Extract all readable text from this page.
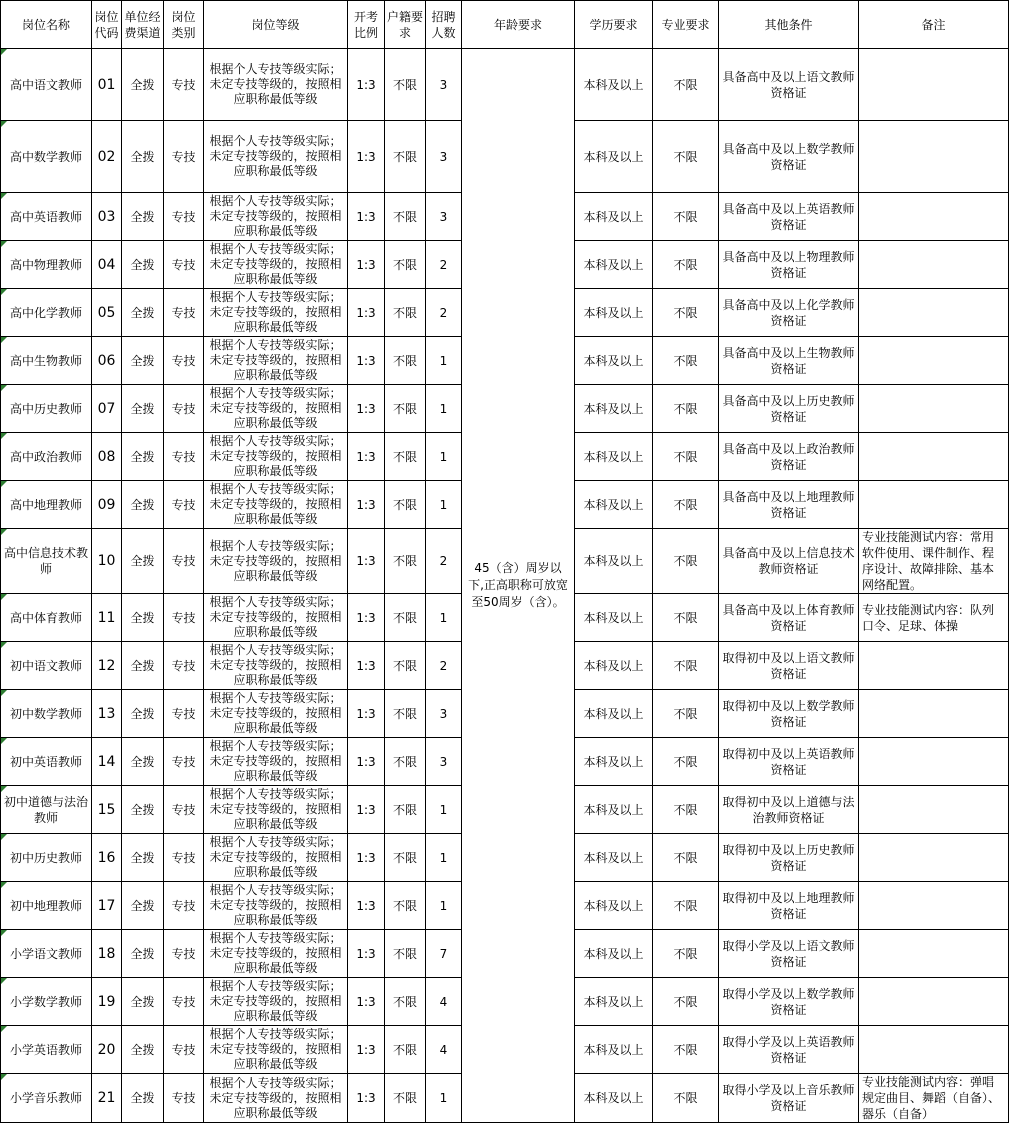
岗位名称	岗位代码	单位经费渠道	岗位类别	岗位等级	开考比例	户籍要求	招聘人数	年龄要求	学历要求	专业要求	其他条件	备注
高中语文教师	01	全拨	专技	根据个人专技等级实际；未定专技等级的，按照相应职称最低等级	1:3	不限	3	45（含）周岁以下,正高职称可放宽至50周岁（含）。	本科及以上	不限	具备高中及以上语文教师资格证	
高中数学教师	02	全拨	专技	根据个人专技等级实际；未定专技等级的，按照相应职称最低等级	1:3	不限	3		本科及以上	不限	具备高中及以上数学教师资格证	
高中英语教师	03	全拨	专技	根据个人专技等级实际；未定专技等级的，按照相应职称最低等级	1:3	不限	3		本科及以上	不限	具备高中及以上英语教师资格证	
高中物理教师	04	全拨	专技	根据个人专技等级实际；未定专技等级的，按照相应职称最低等级	1:3	不限	2		本科及以上	不限	具备高中及以上物理教师资格证	
高中化学教师	05	全拨	专技	根据个人专技等级实际；未定专技等级的，按照相应职称最低等级	1:3	不限	2		本科及以上	不限	具备高中及以上化学教师资格证	
高中生物教师	06	全拨	专技	根据个人专技等级实际；未定专技等级的，按照相应职称最低等级	1:3	不限	1		本科及以上	不限	具备高中及以上生物教师资格证	
高中历史教师	07	全拨	专技	根据个人专技等级实际；未定专技等级的，按照相应职称最低等级	1:3	不限	1		本科及以上	不限	具备高中及以上历史教师资格证	
高中政治教师	08	全拨	专技	根据个人专技等级实际；未定专技等级的，按照相应职称最低等级	1:3	不限	1		本科及以上	不限	具备高中及以上政治教师资格证	
高中地理教师	09	全拨	专技	根据个人专技等级实际；未定专技等级的，按照相应职称最低等级	1:3	不限	1		本科及以上	不限	具备高中及以上地理教师资格证	
高中信息技术教师	10	全拨	专技	根据个人专技等级实际；未定专技等级的，按照相应职称最低等级	1:3	不限	2		本科及以上	不限	具备高中及以上信息技术教师资格证	专业技能测试内容：常用软件使用、课件制作、程序设计、故障排除、基本网络配置。
高中体育教师	11	全拨	专技	根据个人专技等级实际；未定专技等级的，按照相应职称最低等级	1:3	不限	1		本科及以上	不限	具备高中及以上体育教师资格证	专业技能测试内容：队列口令、足球、体操
初中语文教师	12	全拨	专技	根据个人专技等级实际；未定专技等级的，按照相应职称最低等级	1:3	不限	2		本科及以上	不限	取得初中及以上语文教师资格证	
初中数学教师	13	全拨	专技	根据个人专技等级实际；未定专技等级的，按照相应职称最低等级	1:3	不限	3		本科及以上	不限	取得初中及以上数学教师资格证	
初中英语教师	14	全拨	专技	根据个人专技等级实际；未定专技等级的，按照相应职称最低等级	1:3	不限	3		本科及以上	不限	取得初中及以上英语教师资格证	
初中道德与法治教师	15	全拨	专技	根据个人专技等级实际；未定专技等级的，按照相应职称最低等级	1:3	不限	1		本科及以上	不限	取得初中及以上道德与法治教师资格证	
初中历史教师	16	全拨	专技	根据个人专技等级实际；未定专技等级的，按照相应职称最低等级	1:3	不限	1		本科及以上	不限	取得初中及以上历史教师资格证	
初中地理教师	17	全拨	专技	根据个人专技等级实际；未定专技等级的，按照相应职称最低等级	1:3	不限	1		本科及以上	不限	取得初中及以上地理教师资格证	
小学语文教师	18	全拨	专技	根据个人专技等级实际；未定专技等级的，按照相应职称最低等级	1:3	不限	7		本科及以上	不限	取得小学及以上语文教师资格证	
小学数学教师	19	全拨	专技	根据个人专技等级实际；未定专技等级的，按照相应职称最低等级	1:3	不限	4		本科及以上	不限	取得小学及以上数学教师资格证	
小学英语教师	20	全拨	专技	根据个人专技等级实际；未定专技等级的，按照相应职称最低等级	1:3	不限	4		本科及以上	不限	取得小学及以上英语教师资格证	
小学音乐教师	21	全拨	专技	根据个人专技等级实际；未定专技等级的，按照相应职称最低等级	1:3	不限	1		本科及以上	不限	取得小学及以上音乐教师资格证	专业技能测试内容：弹唱规定曲目、舞蹈（自备）、器乐（自备）
